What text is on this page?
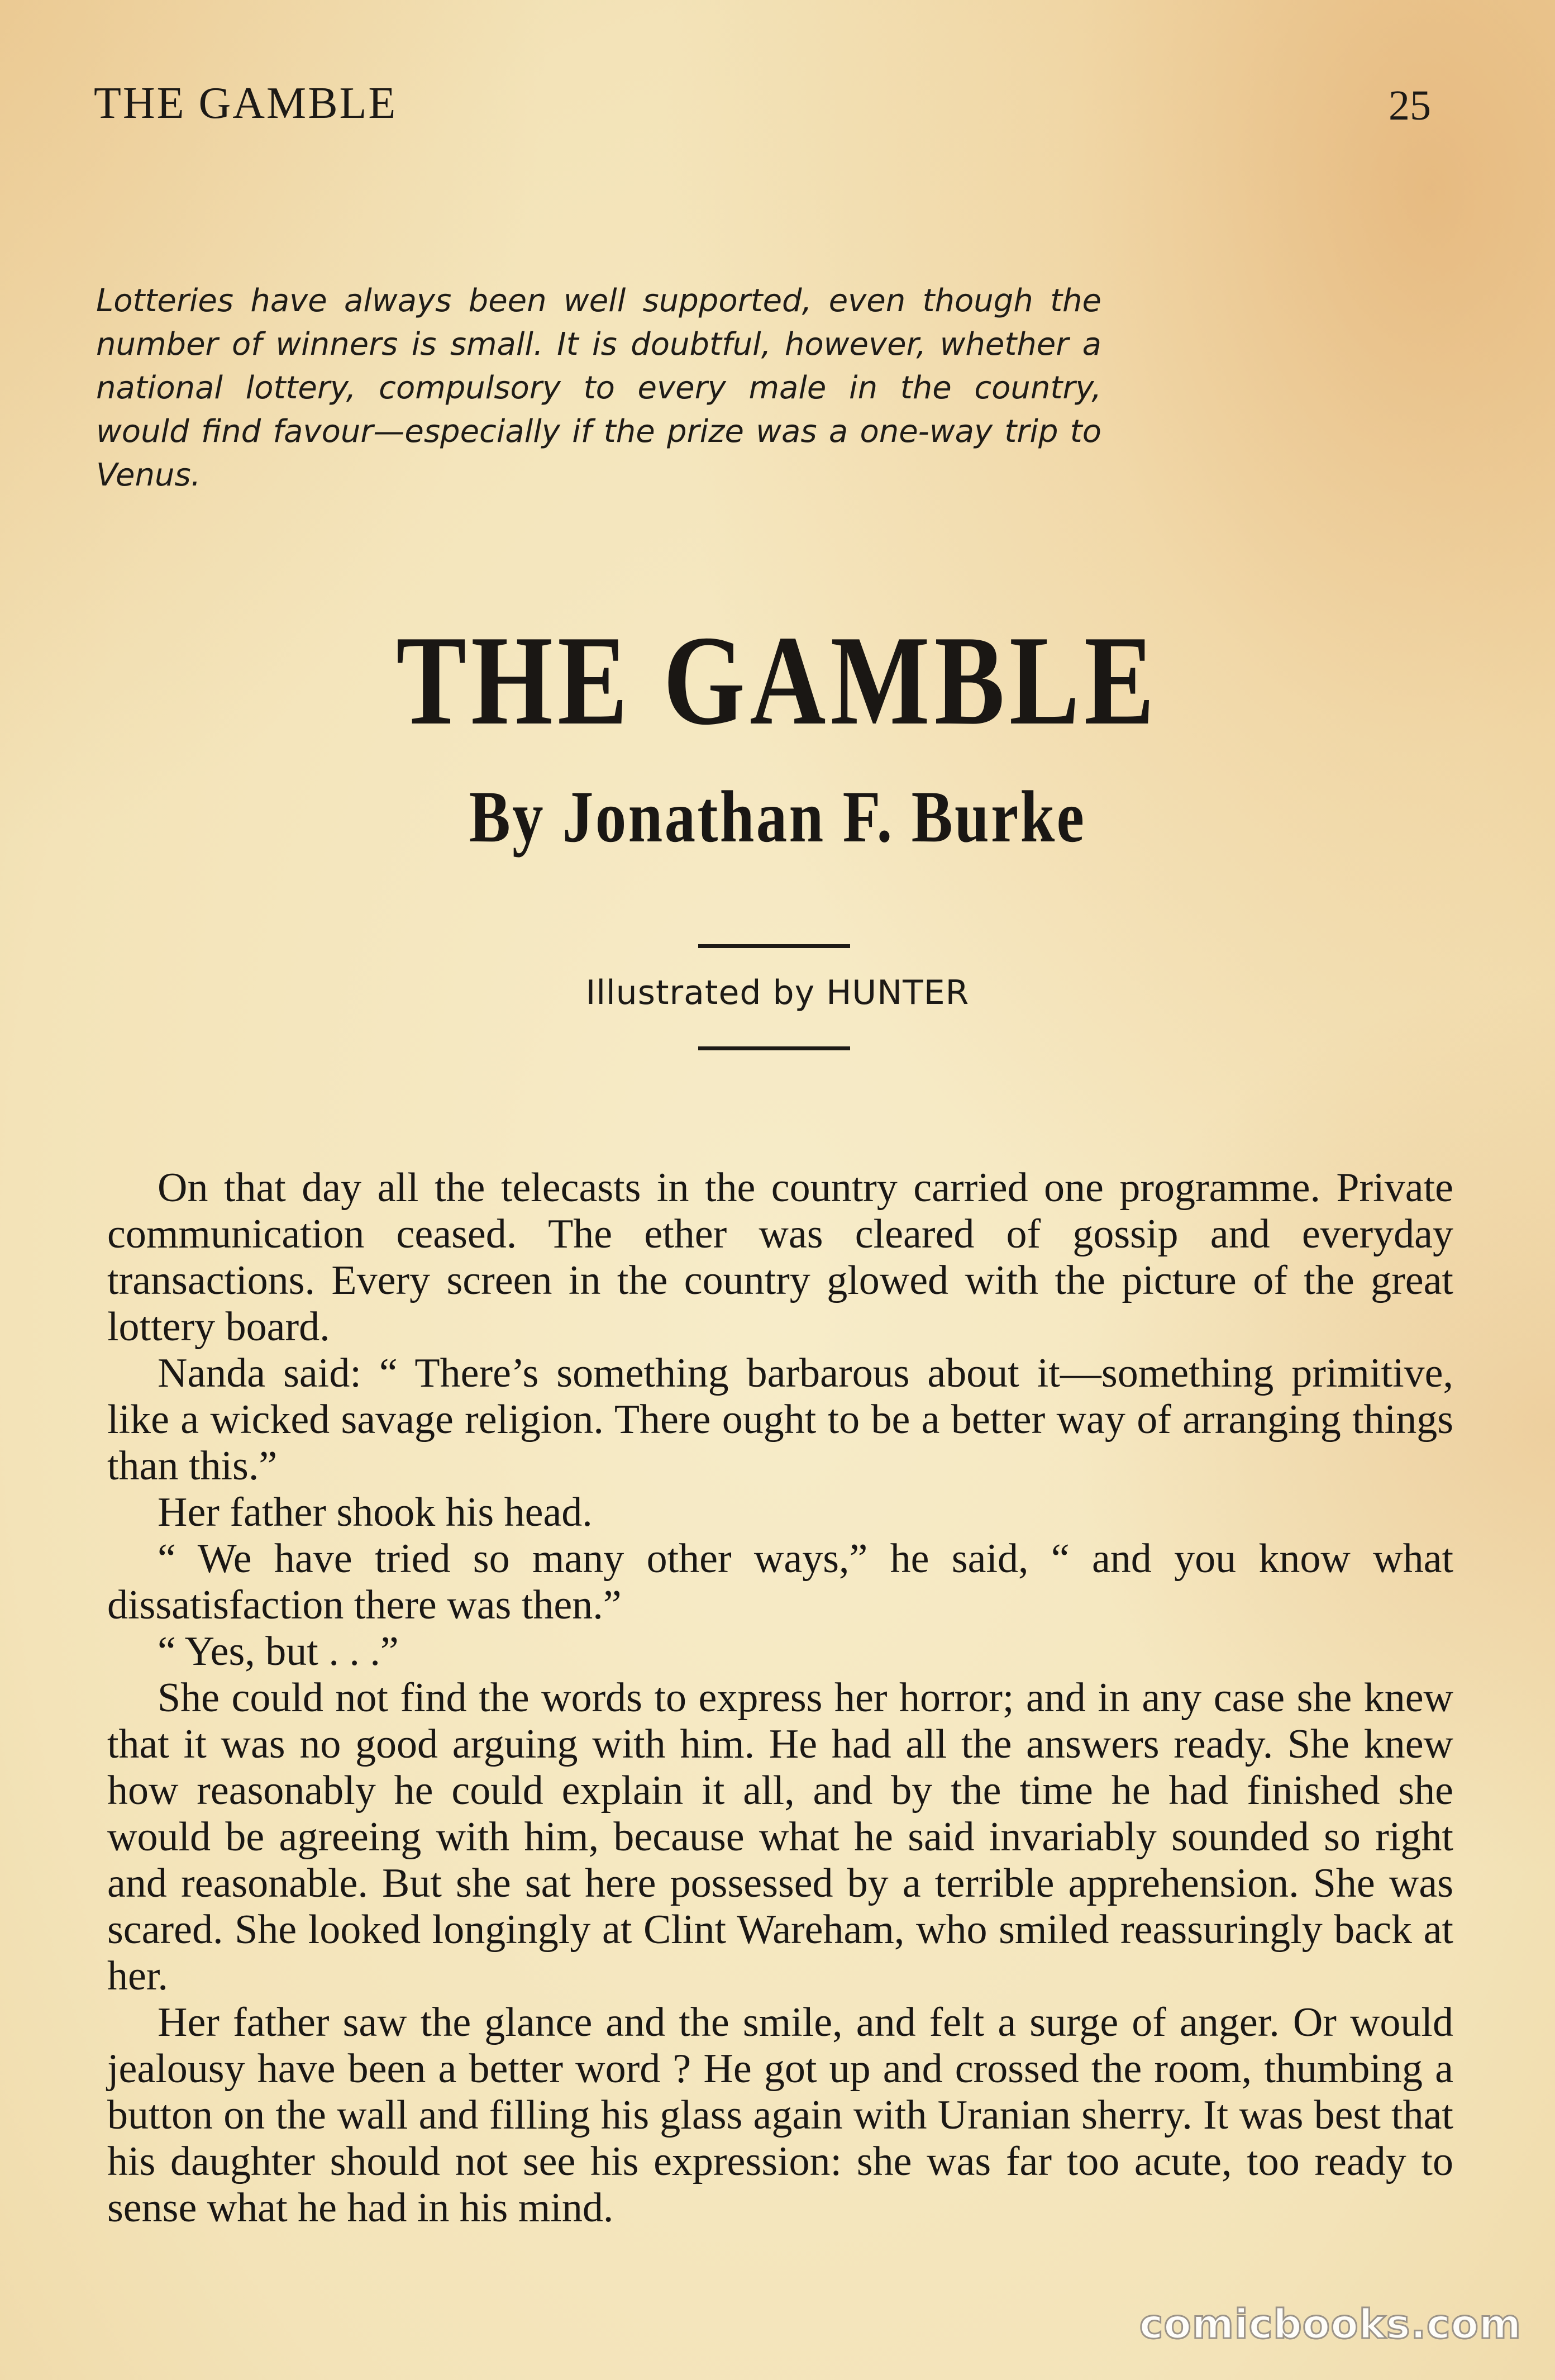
THE GAMBLE	25
Lotteries have always been well supported, even though the number of winners is small. It is doubtful, however, whether a national lottery, compulsory to every male in the country, would find favour—especially if the prize was a one-way trip to Venus.
THE GAMBLE
By Jonathan F. Burke
Illustrated by HUNTER

On that day all the telecasts in the country carried one programme. Private communication ceased. The ether was cleared of gossip and everyday transactions. Every screen in the country glowed with the picture of the great lottery board.

Nanda said: “ There’s something barbarous about it—something primitive, like a wicked savage religion. There ought to be a better way of arranging things than this.”

Her father shook his head.

“ We have tried so many other ways,” he said, “ and you know what dissatisfaction there was then.”

“ Yes, but . . .”

She could not find the words to express her horror; and in any case she knew that it was no good arguing with him. He had all the answers ready. She knew how reasonably he could explain it all, and by the time he had finished she would be agreeing with him, because what he said invariably sounded so right and reasonable. But she sat here possessed by a terrible apprehension. She was scared. She looked longingly at Clint Wareham, who smiled reassuringly back at her.

Her father saw the glance and the smile, and felt a surge of anger. Or would jealousy have been a better word ? He got up and crossed the room, thumbing a button on the wall and filling his glass again with Uranian sherry. It was best that his daughter should not see his expression: she was far too acute, too ready to sense what he had in his mind.

comicbooks.com
